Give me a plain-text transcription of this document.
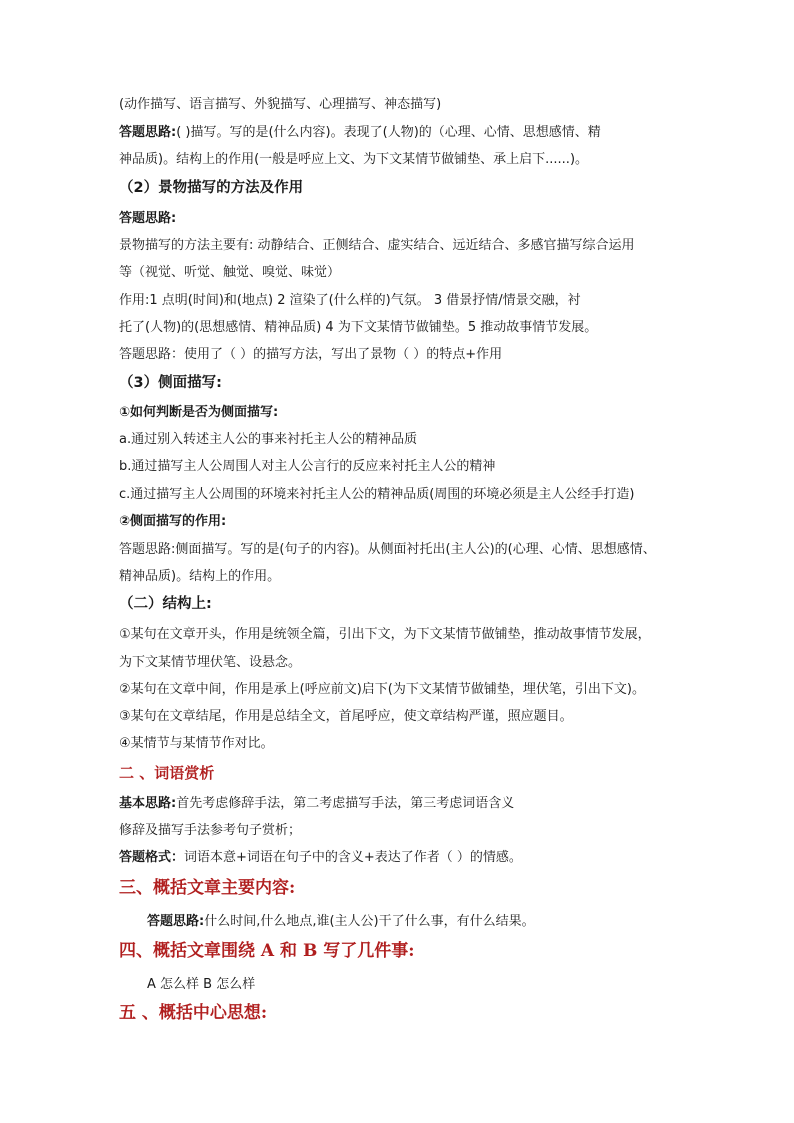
(动作描写、语言描写、外貌描写、心理描写、神态描写)
答题思路:( )描写。写的是(什么内容)。表现了(人物)的（心理、心情、思想感情、精
神品质)。结构上的作用(一般是呼应上文、为下文某情节做铺垫、承上启下......)。
（2）景物描写的方法及作用
答题思路:
景物描写的方法主要有: 动静结合、正侧结合、虚实结合、远近结合、多感官描写综合运用
等（视觉、听觉、触觉、嗅觉、味觉）
作用:1 点明(时间)和(地点) 2 渲染了(什么样的)气氛。 3 借景抒情/情景交融，衬
托了(人物)的(思想感情、精神品质) 4 为下文某情节做铺垫。5 推动故事情节发展。
答题思路：使用了（ ）的描写方法，写出了景物（ ）的特点+作用
（3）侧面描写:
①如何判断是否为侧面描写:
a.通过别入转述主人公的事来衬托主人公的精神品质
b.通过描写主人公周围人对主人公言行的反应来衬托主人公的精神
c.通过描写主人公周围的环境来衬托主人公的精神品质(周围的环境必须是主人公经手打造)
②侧面描写的作用:
答题思路:侧面描写。写的是(句子的内容)。从侧面衬托出(主人公)的(心理、心情、思想感情、
精神品质)。结构上的作用。
（二）结构上:
①某句在文章开头，作用是统领全篇，引出下文，为下文某情节做铺垫，推动故事情节发展，
为下文某情节埋伏笔、设悬念。
②某句在文章中间，作用是承上(呼应前文)启下(为下文某情节做铺垫，埋伏笔，引出下文)。
③某句在文章结尾，作用是总结全文，首尾呼应，使文章结构严谨，照应题目。
④某情节与某情节作对比。
二 、词语赏析
基本思路:首先考虑修辞手法，第二考虑描写手法，第三考虑词语含义
修辞及描写手法参考句子赏析；
答题格式：词语本意+词语在句子中的含义+表达了作者（ ）的情感。
三、概括文章主要内容:
答题思路:什么时间,什么地点,谁(主人公)干了什么事，有什么结果。
四、概括文章围绕 A 和 B 写了几件事:
A 怎么样 B 怎么样
五 、概括中心思想:
